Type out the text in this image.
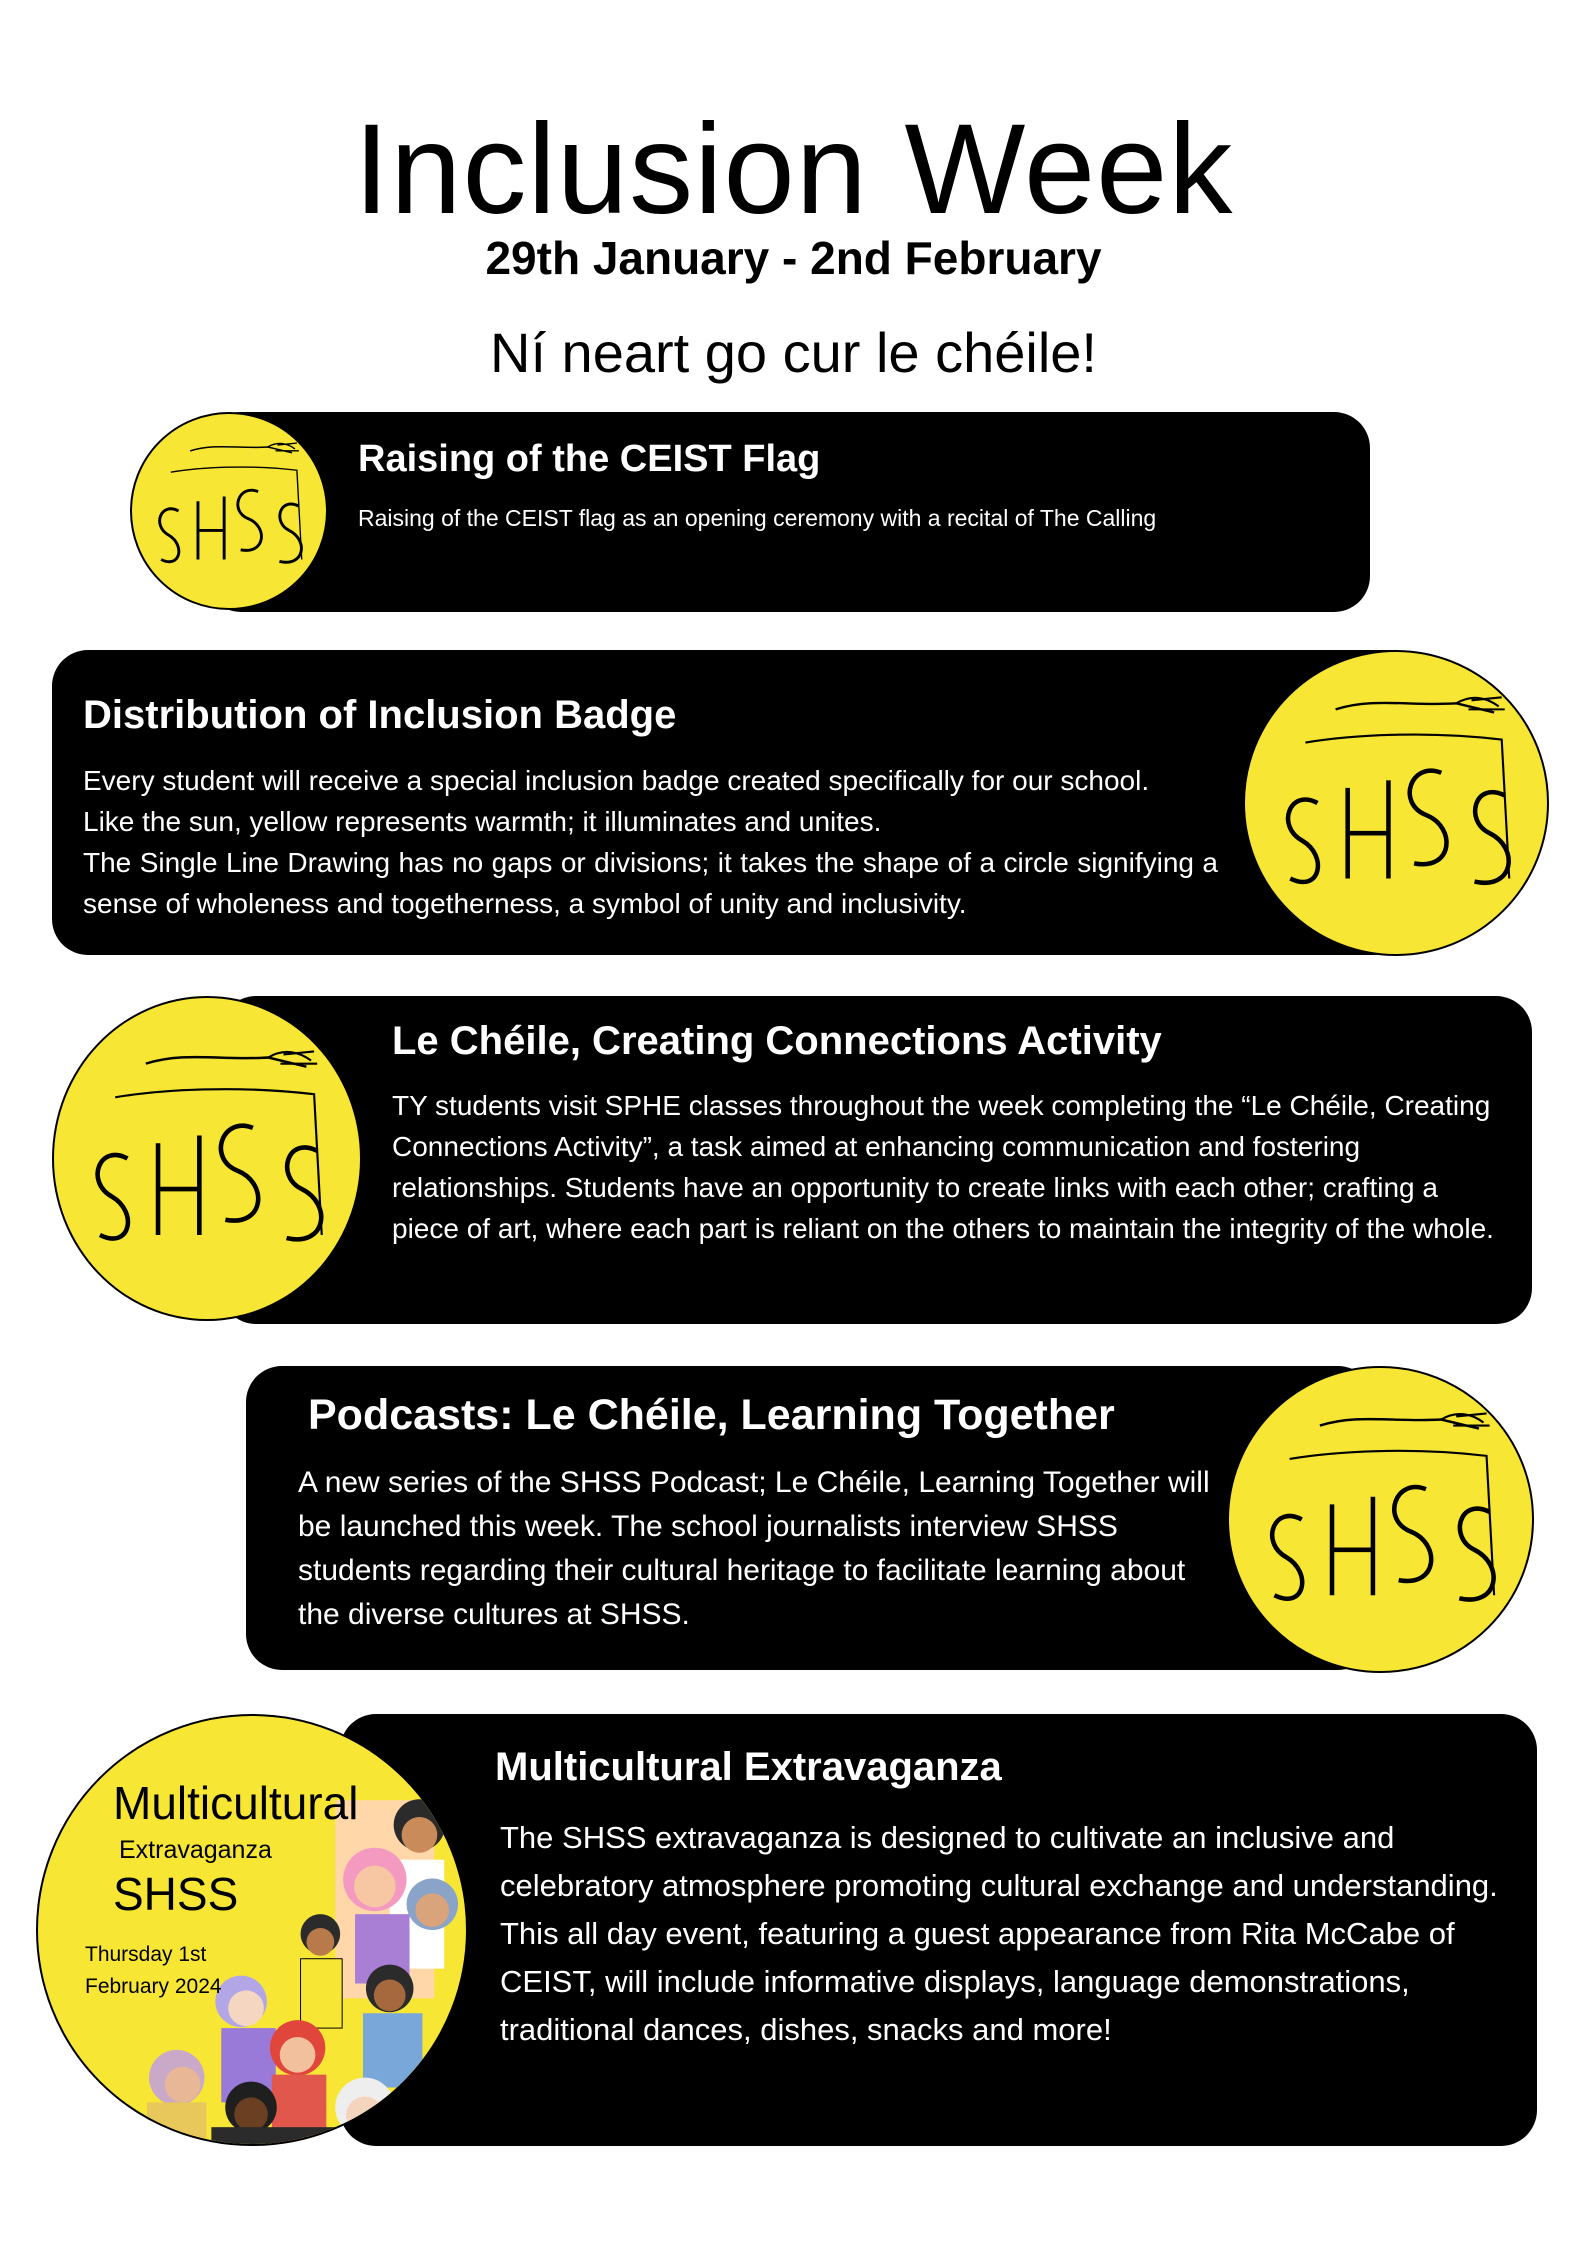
Inclusion Week
29th January - 2nd February
Ní neart go cur le chéile!
Raising of the CEIST Flag

Raising of the CEIST flag as an opening ceremony with a recital of The Calling

Distribution of Inclusion Badge

Every student will receive a special inclusion badge created specifically for our school.

Like the sun, yellow represents warmth; it illuminates and unites.

The Single Line Drawing has no gaps or divisions; it takes the shape of a circle signifying a sense of wholeness and togetherness, a symbol of unity and inclusivity.

Le Chéile, Creating Connections Activity

TY students visit SPHE classes throughout the week completing the “Le Chéile, Creating Connections Activity”, a task aimed at enhancing communication and fostering relationships. Students have an opportunity to create links with each other; crafting a piece of art, where each part is reliant on the others to maintain the integrity of the whole.

Podcasts: Le Chéile, Learning Together

A new series of the SHSS Podcast; Le Chéile, Learning Together will be launched this week. The school journalists interview SHSS students regarding their cultural heritage to facilitate learning about the diverse cultures at SHSS.

Multicultural Extravaganza

The SHSS extravaganza is designed to cultivate an inclusive and celebratory atmosphere promoting cultural exchange and understanding. This all day event, featuring a guest appearance from Rita McCabe of CEIST, will include informative displays, language demonstrations, traditional dances, dishes, snacks and more!

Multicultural
Extravaganza
SHSS
Thursday 1st
February 2024
